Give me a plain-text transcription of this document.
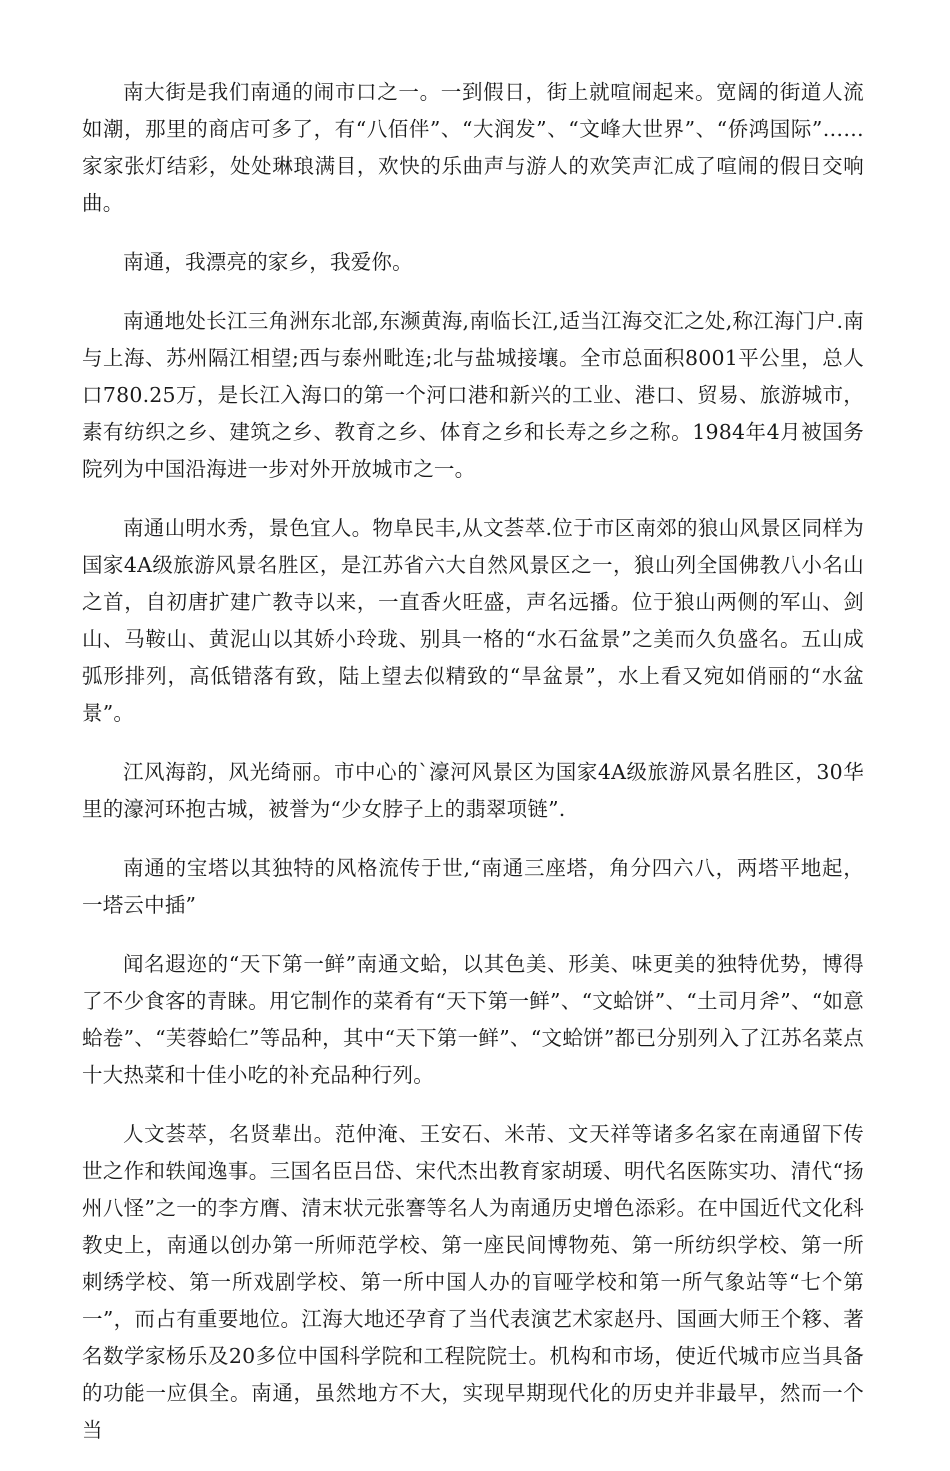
南大街是我们南通的闹市口之一。一到假日，街上就喧闹起来。宽阔的街道人流如潮，那里的商店可多了，有“八佰伴”、“大润发”、“文峰大世界”、“侨鸿国际”……家家张灯结彩，处处琳琅满目，欢快的乐曲声与游人的欢笑声汇成了喧闹的假日交响曲。

南通，我漂亮的家乡，我爱你。

南通地处长江三角洲东北部,东濒黄海,南临长江,适当江海交汇之处,称江海门户.南与上海、苏州隔江相望;西与泰州毗连;北与盐城接壤。全市总面积8001平公里，总人口780.25万，是长江入海口的第一个河口港和新兴的工业、港口、贸易、旅游城市，素有纺织之乡、建筑之乡、教育之乡、体育之乡和长寿之乡之称。1984年4月被国务院列为中国沿海进一步对外开放城市之一。

南通山明水秀，景色宜人。物阜民丰,从文荟萃.位于市区南郊的狼山风景区同样为国家4A级旅游风景名胜区，是江苏省六大自然风景区之一，狼山列全国佛教八小名山之首，自初唐扩建广教寺以来，一直香火旺盛，声名远播。位于狼山两侧的军山、剑山、马鞍山、黄泥山以其娇小玲珑、别具一格的“水石盆景”之美而久负盛名。五山成弧形排列，高低错落有致，陆上望去似精致的“旱盆景”，水上看又宛如俏丽的“水盆景”。

江风海韵，风光绮丽。市中心的`濠河风景区为国家4A级旅游风景名胜区，30华里的濠河环抱古城，被誉为“少女脖子上的翡翠项链”.

南通的宝塔以其独特的风格流传于世,“南通三座塔，角分四六八，两塔平地起，一塔云中插”

闻名遐迩的“天下第一鲜”南通文蛤，以其色美、形美、味更美的独特优势，博得了不少食客的青睐。用它制作的菜肴有“天下第一鲜”、“文蛤饼”、“土司月斧”、“如意蛤卷”、“芙蓉蛤仁”等品种，其中“天下第一鲜”、“文蛤饼”都已分别列入了江苏名菜点十大热菜和十佳小吃的补充品种行列。

人文荟萃，名贤辈出。范仲淹、王安石、米芾、文天祥等诸多名家在南通留下传世之作和轶闻逸事。三国名臣吕岱、宋代杰出教育家胡瑗、明代名医陈实功、清代“扬州八怪”之一的李方膺、清末状元张謇等名人为南通历史增色添彩。在中国近代文化科教史上，南通以创办第一所师范学校、第一座民间博物苑、第一所纺织学校、第一所刺绣学校、第一所戏剧学校、第一所中国人办的盲哑学校和第一所气象站等“七个第一”，而占有重要地位。江海大地还孕育了当代表演艺术家赵丹、国画大师王个簃、著名数学家杨乐及20多位中国科学院和工程院院士。机构和市场，使近代城市应当具备的功能一应俱全。南通，虽然地方不大，实现早期现代化的历史并非最早，然而一个当
